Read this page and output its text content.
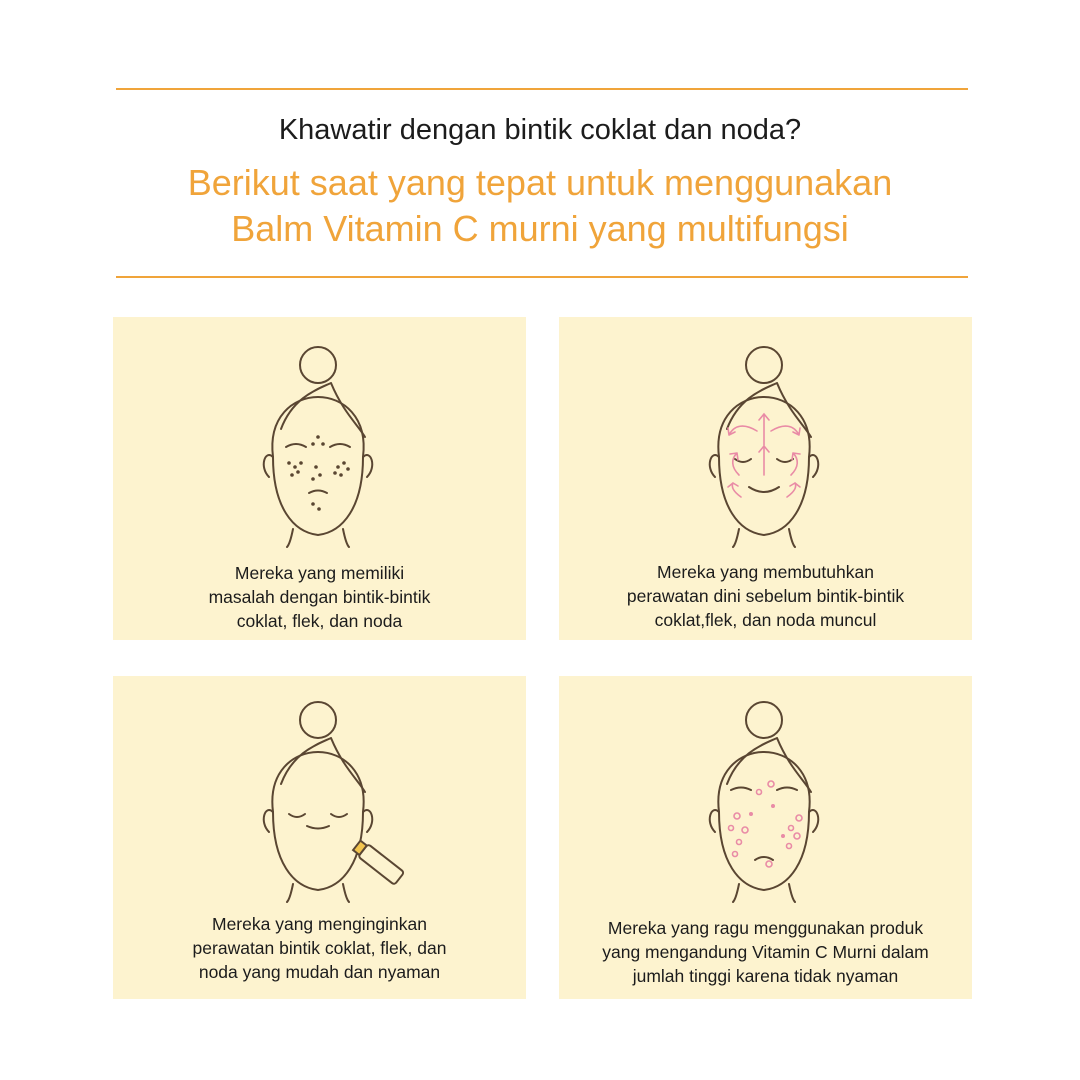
Khawatir dengan bintik coklat dan noda?
Berikut saat yang tepat untuk menggunakan
Balm Vitamin C murni yang multifungsi
Mereka yang memiliki
masalah dengan bintik-bintik
coklat, flek, dan noda
Mereka yang membutuhkan
perawatan dini sebelum bintik-bintik
coklat,flek, dan noda muncul
Mereka yang menginginkan
perawatan bintik coklat, flek, dan
noda yang mudah dan nyaman
Mereka yang ragu menggunakan produk
yang mengandung Vitamin C Murni dalam
jumlah tinggi karena tidak nyaman
